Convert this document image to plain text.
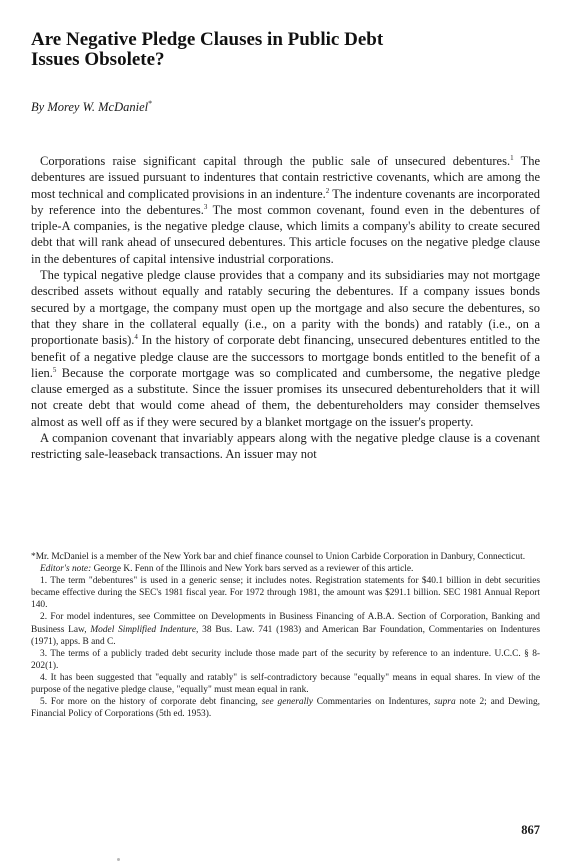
Are Negative Pledge Clauses in Public Debt
Issues Obsolete?

By Morey W. McDaniel*

Corporations raise significant capital through the public sale of unsecured debentures.$^1$ The debentures are issued pursuant to indentures that contain restrictive covenants, which are among the most technical and complicated provisions in an indenture.$^2$ The indenture covenants are incorporated by reference into the debentures.$^3$ The most common covenant, found even in the debentures of triple-A companies, is the negative pledge clause, which limits a company's ability to create secured debt that will rank ahead of unsecured debentures. This article focuses on the negative pledge clause in the debentures of capital intensive industrial corporations.

The typical negative pledge clause provides that a company and its subsidiaries may not mortgage described assets without equally and ratably securing the debentures. If a company issues bonds secured by a mortgage, the company must open up the mortgage and also secure the debentures, so that they share in the collateral equally (i.e., on a parity with the bonds) and ratably (i.e., on a proportionate basis).$^4$ In the history of corporate debt financing, unsecured debentures entitled to the benefit of a negative pledge clause are the successors to mortgage bonds entitled to the benefit of a lien.$^5$ Because the corporate mortgage was so complicated and cumbersome, the negative pledge clause emerged as a substitute. Since the issuer promises its unsecured debentureholders that it will not create debt that would come ahead of them, the debentureholders may consider themselves almost as well off as if they were secured by a blanket mortgage on the issuer's property.

A companion covenant that invariably appears along with the negative pledge clause is a covenant restricting sale-leaseback transactions. An issuer may not

*Mr. McDaniel is a member of the New York bar and chief finance counsel to Union Carbide Corporation in Danbury, Connecticut.

Editor's note: George K. Fenn of the Illinois and New York bars served as a reviewer of this article.

1. The term "debentures" is used in a generic sense; it includes notes. Registration statements for $40.1 billion in debt securities became effective during the SEC's 1981 fiscal year. For 1972 through 1981, the amount was $291.1 billion. SEC 1981 Annual Report 140.

2. For model indentures, see Committee on Developments in Business Financing of A.B.A. Section of Corporation, Banking and Business Law, Model Simplified Indenture, 38 Bus. Law. 741 (1983) and American Bar Foundation, Commentaries on Indentures (1971), apps. B and C.

3. The terms of a publicly traded debt security include those made part of the security by reference to an indenture. U.C.C. § 8-202(1).

4. It has been suggested that "equally and ratably" is self-contradictory because "equally" means in equal shares. In view of the purpose of the negative pledge clause, "equally" must mean equal in rank.

5. For more on the history of corporate debt financing, see generally Commentaries on Indentures, supra note 2; and Dewing, Financial Policy of Corporations (5th ed. 1953).

867
